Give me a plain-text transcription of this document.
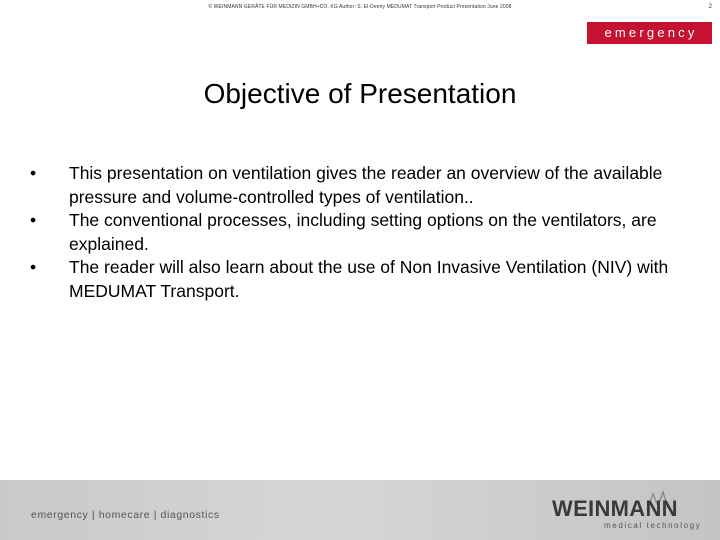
© WEINMANN GERÄTE FÜR MEDIZIN GMBH+CO. KG Author: S. El-Deeny MEDUMAT Transport Product Presentation June 2008	2
emergency
Objective of Presentation
•	This presentation on ventilation gives the reader an overview of the available pressure and volume-controlled types of ventilation..
•	The conventional processes, including setting options on the ventilators, are explained.
•	The reader will also learn about the use of Non Invasive Ventilation (NIV) with MEDUMAT Transport.
emergency | homecare | diagnostics	WEINMANN
medical technology
